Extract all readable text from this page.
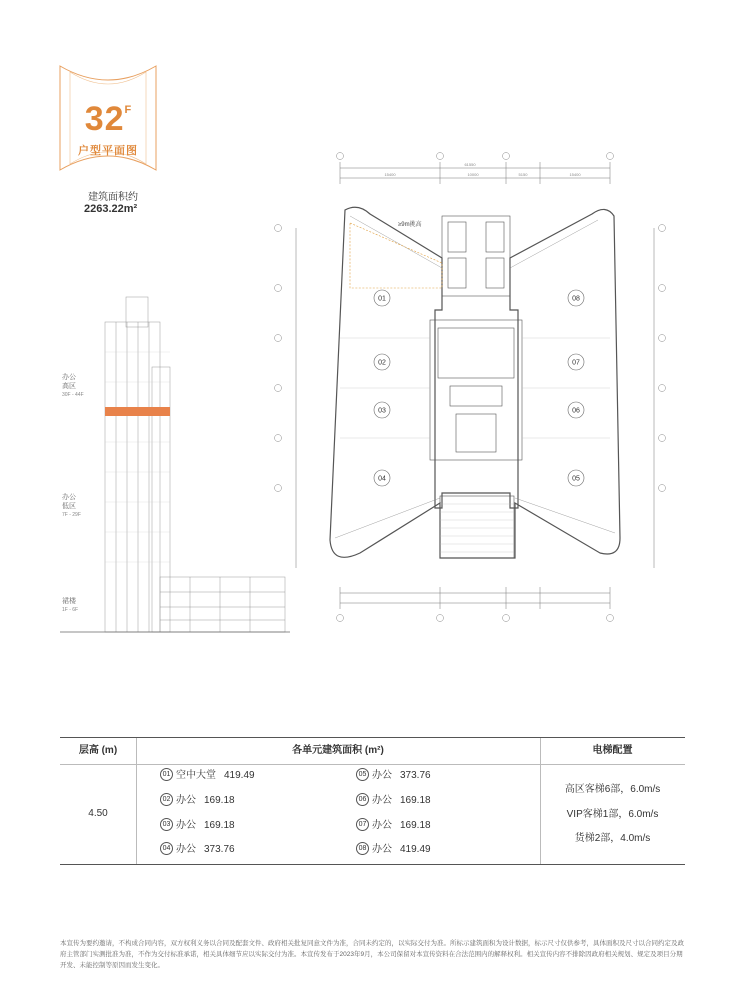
$32^F$
户型平面图
建筑面积约
2263.22m²
办公
高区
30F - 44F
办公
低区
7F - 29F
裙楼
1F - 6F
61550
15400	10000	5150	15400
≥9m挑高
01
02
03
04	05
06
07
08
层高 (m)	各单元建筑面积 (m²)	电梯配置
4.50
01 空中大堂 419.49
02 办公 169.18
03 办公 169.18
04 办公 373.76
05 办公 373.76
06 办公 169.18
07 办公 169.18
08 办公 419.49
高区客梯6部，6.0m/s
VIP客梯1部，6.0m/s
货梯2部，4.0m/s
本宣传为要约邀请，不构成合同内容，双方权利义务以合同及配套文件、政府相关批复同意文件为准，合同未约定的，以实际交付为准。所标示建筑面积为设计数据，标示尺寸仅供参考，具体面积及尺寸以合同约定及政府主管部门实测批准为准，不作为交付标准承诺，相关具体细节应以实际交付为准。本宣传发布于2023年9月，本公司保留对本宣传资料在合法范围内的解释权利。相关宣传内容不排除因政府相关规划、规定及项目分期开发、未能控制等原因而发生变化。
